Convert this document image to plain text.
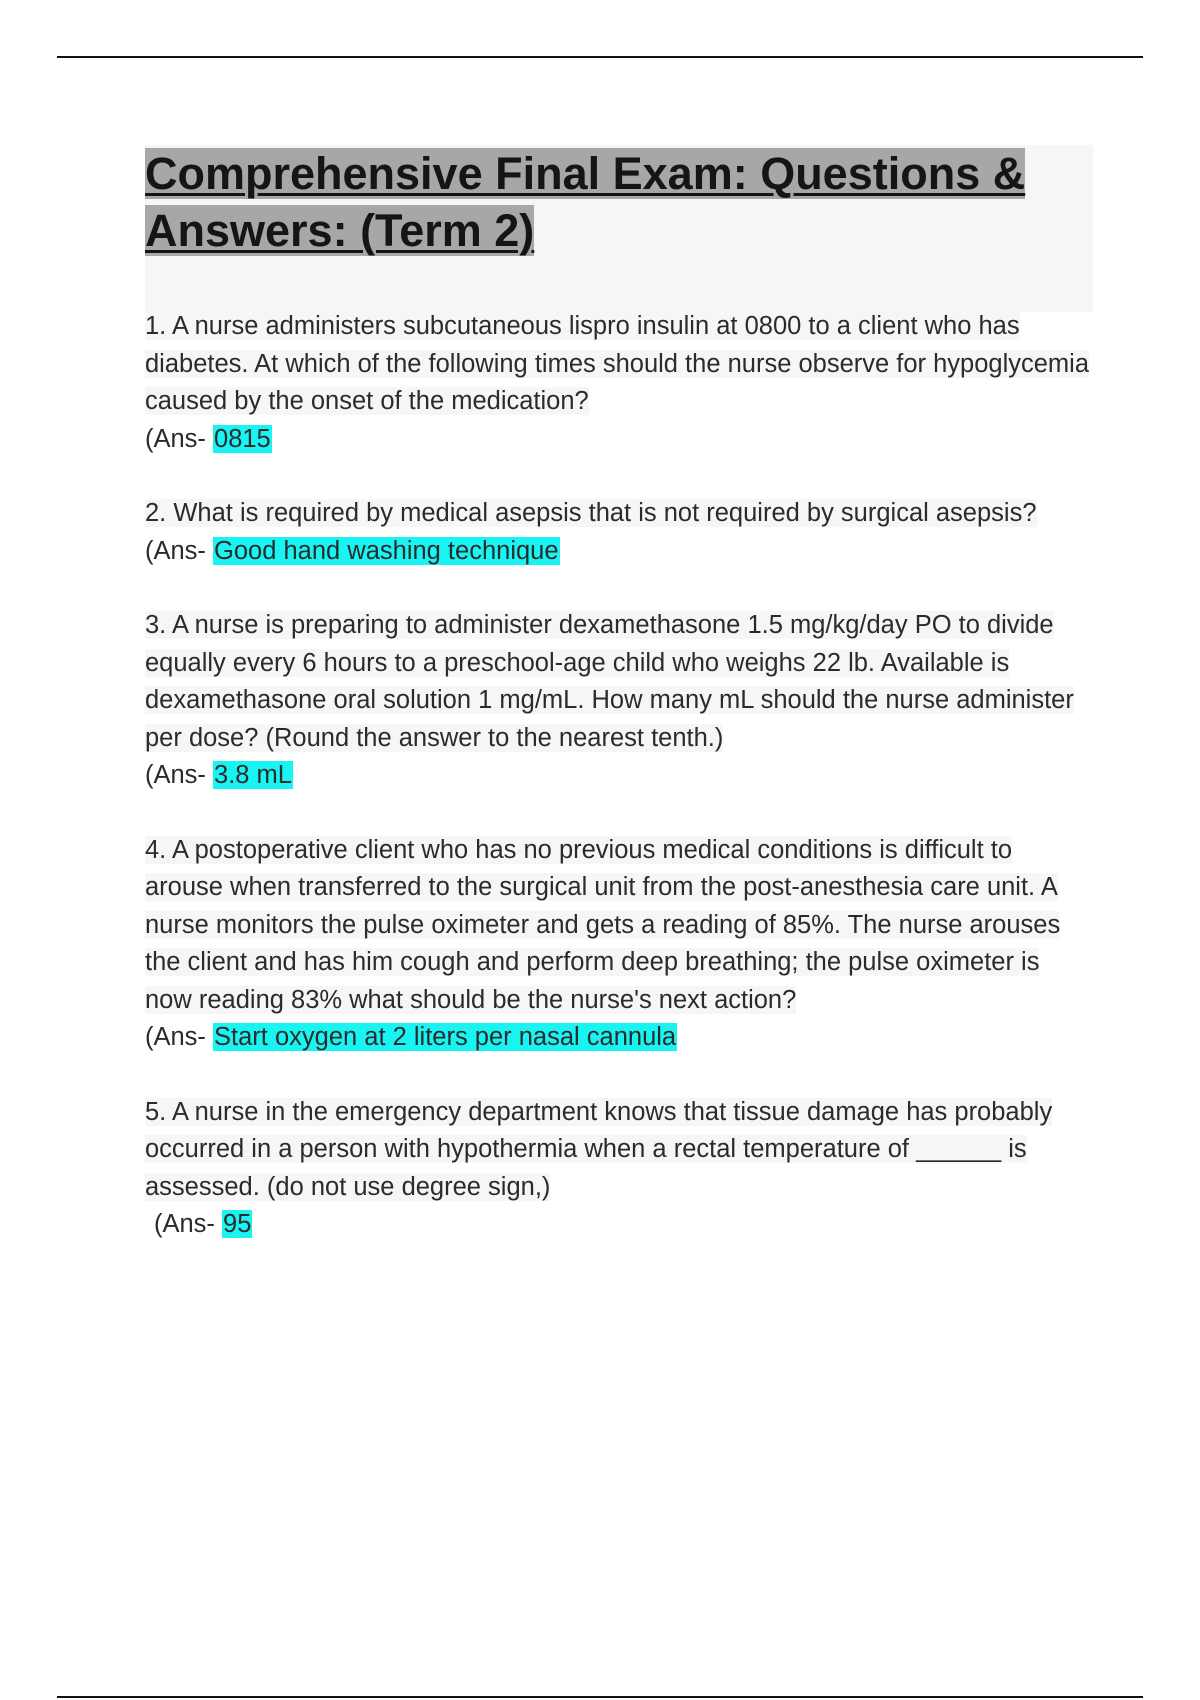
Comprehensive Final Exam: Questions & Answers: (Term 2)
1. A nurse administers subcutaneous lispro insulin at 0800 to a client who has diabetes. At which of the following times should the nurse observe for hypoglycemia caused by the onset of the medication?
(Ans- 0815
2. What is required by medical asepsis that is not required by surgical asepsis?
(Ans- Good hand washing technique
3. A nurse is preparing to administer dexamethasone 1.5 mg/kg/day PO to divide equally every 6 hours to a preschool-age child who weighs 22 lb. Available is dexamethasone oral solution 1 mg/mL. How many mL should the nurse administer per dose? (Round the answer to the nearest tenth.)
(Ans- 3.8 mL
4. A postoperative client who has no previous medical conditions is difficult to arouse when transferred to the surgical unit from the post-anesthesia care unit. A nurse monitors the pulse oximeter and gets a reading of 85%. The nurse arouses the client and has him cough and perform deep breathing; the pulse oximeter is now reading 83% what should be the nurse's next action?
(Ans- Start oxygen at 2 liters per nasal cannula
5. A nurse in the emergency department knows that tissue damage has probably occurred in a person with hypothermia when a rectal temperature of ______ is assessed. (do not use degree sign,)
(Ans- 95
